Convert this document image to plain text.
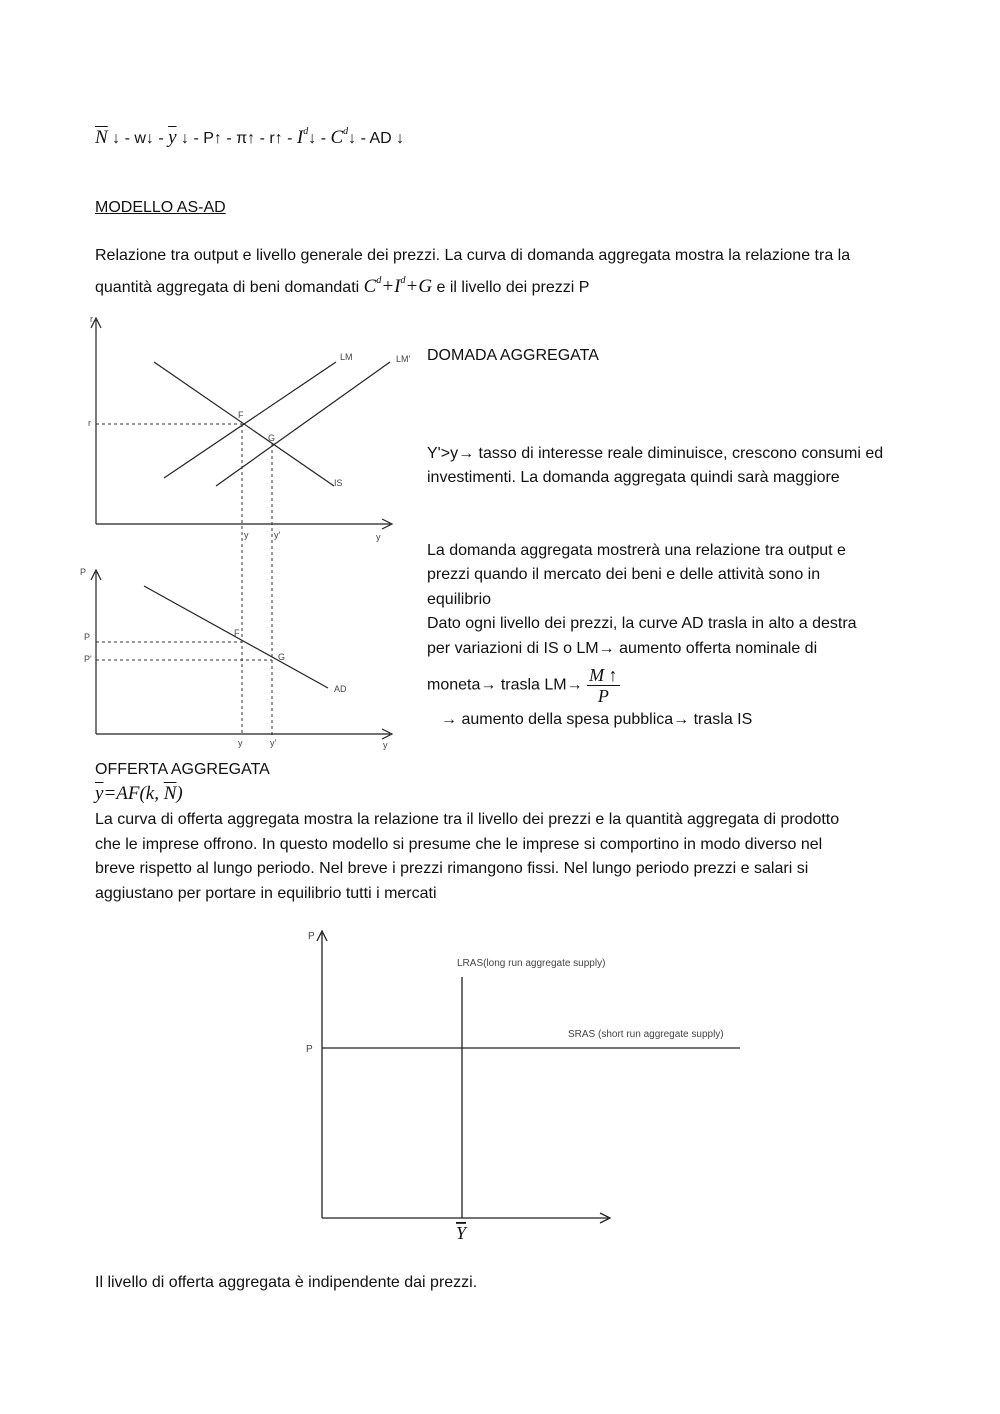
$\overline{N}$ ↓ - w↓ - $\overline{y}$ ↓ - P↑ - π↑ - r↑ - $I^d↓$ - $C^d↓$ - AD ↓
MODELLO AS-AD
Relazione tra output e livello generale dei prezzi. La curva di domanda aggregata mostra la relazione tra la
quantità aggregata di beni domandati $C^d+I^d+G$ e il livello dei prezzi P
r
r
LM	LM'
IS
F
G
y	y'	y
P
P
P'
F
G
AD
y	y'	y
DOMADA AGGREGATA
Y'>y→ tasso di interesse reale diminuisce, crescono consumi ed
investimenti. La domanda aggregata quindi sarà maggiore
La domanda aggregata mostrerà una relazione tra output e
prezzi quando il mercato dei beni e delle attività sono in
equilibrio
Dato ogni livello dei prezzi, la curve AD trasla in alto a destra
per variazioni di IS o LM→ aumento offerta nominale di
moneta→ trasla $LM\to \frac{M ↑}{P}$
→ aumento della spesa pubblica→ trasla IS
OFFERTA AGGREGATA
$\overline{y}=AF(k$, $\overline{N}$)
La curva di offerta aggregata mostra la relazione tra il livello dei prezzi e la quantità aggregata di prodotto
che le imprese offrono. In questo modello si presume che le imprese si comportino in modo diverso nel
breve rispetto al lungo periodo. Nel breve i prezzi rimangono fissi. Nel lungo periodo prezzi e salari si
aggiustano per portare in equilibrio tutti i mercati
P
P
LRAS(long run aggregate supply)
SRAS (short run aggregate supply)
Y
Il livello di offerta aggregata è indipendente dai prezzi.
